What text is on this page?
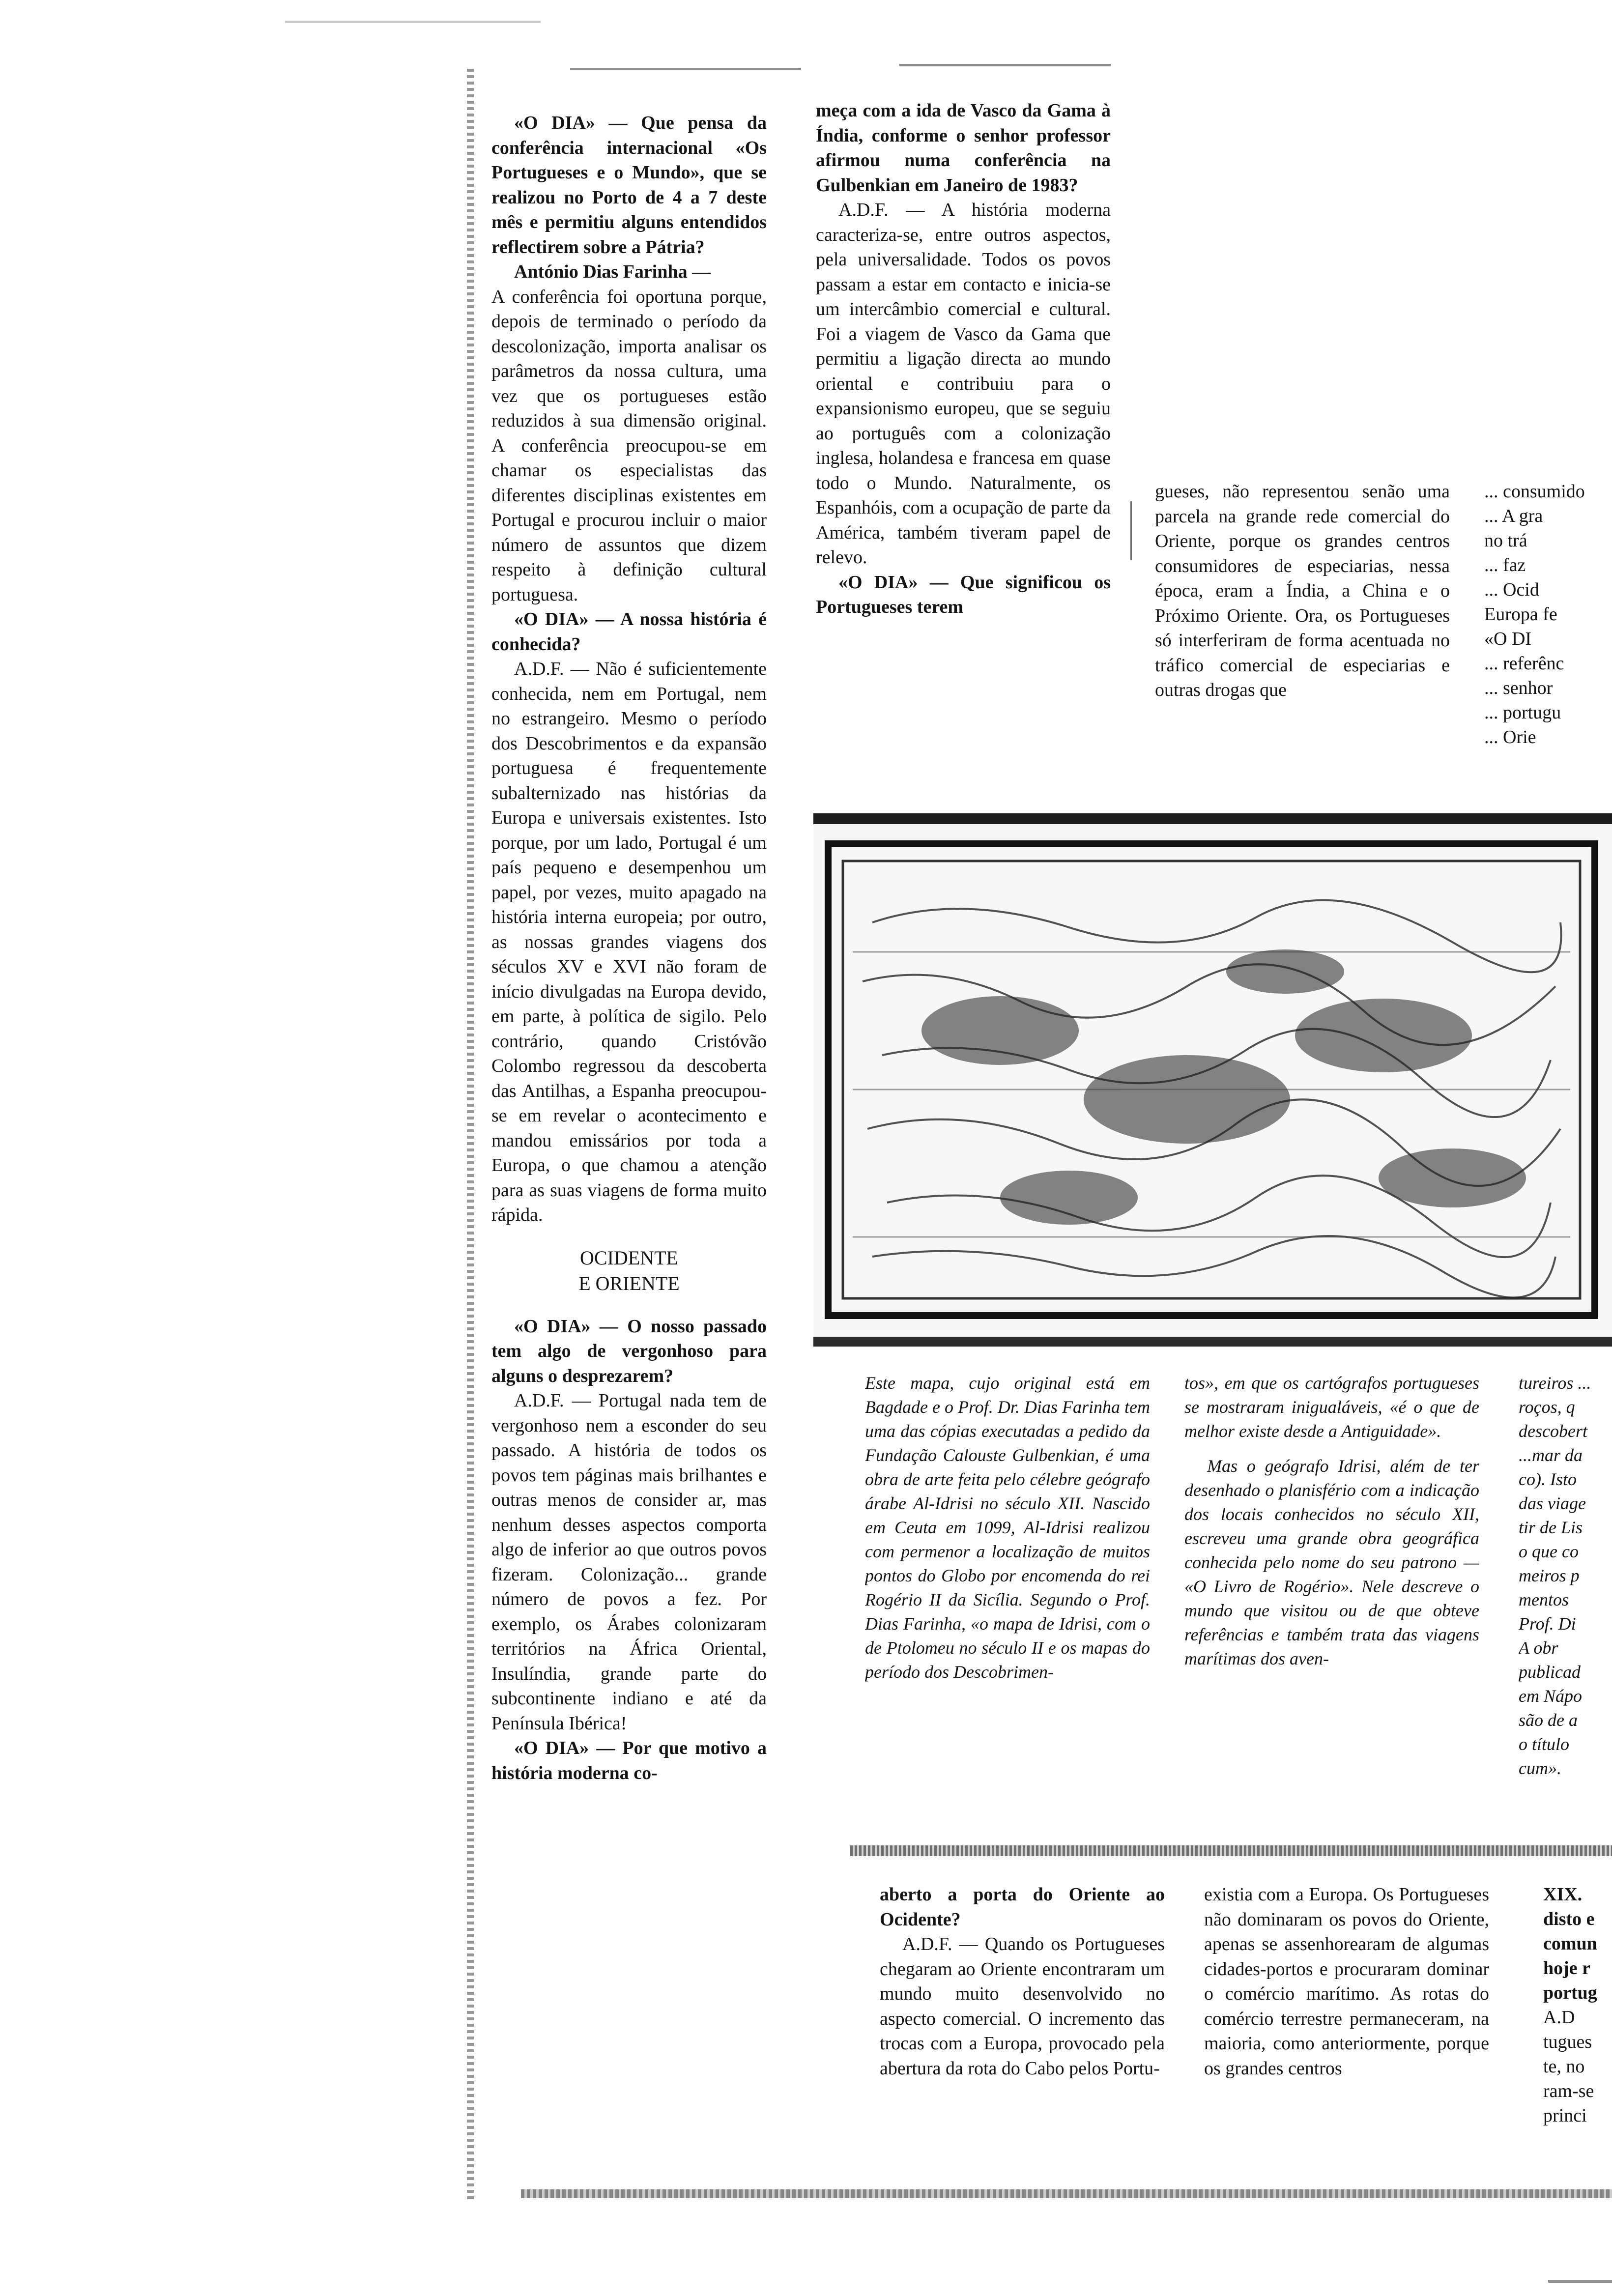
«O DIA» — Que pensa da conferência internacional «Os Portugueses e o Mundo», que se realizou no Porto de 4 a 7 deste mês e permitiu alguns entendidos reflectirem sobre a Pátria?

António Dias Farinha —

A conferência foi oportuna porque, depois de terminado o período da descolonização, importa analisar os parâmetros da nossa cultura, uma vez que os portugueses estão reduzidos à sua dimensão original. A conferência preocupou-se em chamar os especialistas das diferentes disciplinas existentes em Portugal e procurou incluir o maior número de assuntos que dizem respeito à definição cultural portuguesa.

«O DIA» — A nossa história é conhecida?

A.D.F. — Não é suficientemente conhecida, nem em Portugal, nem no estrangeiro. Mesmo o período dos Descobrimentos e da expansão portuguesa é frequentemente subalternizado nas histórias da Europa e universais existentes. Isto porque, por um lado, Portugal é um país pequeno e desempenhou um papel, por vezes, muito apagado na história interna europeia; por outro, as nossas grandes viagens dos séculos XV e XVI não foram de início divulgadas na Europa devido, em parte, à política de sigilo. Pelo contrário, quando Cristóvão Colombo regressou da descoberta das Antilhas, a Espanha preocupou-se em revelar o acontecimento e mandou emissários por toda a Europa, o que chamou a atenção para as suas viagens de forma muito rápida.

OCIDENTE
E ORIENTE

«O DIA» — O nosso passado tem algo de vergonhoso para alguns o desprezarem?

A.D.F. — Portugal nada tem de vergonhoso nem a esconder do seu passado. A história de todos os povos tem páginas mais brilhantes e outras menos de consider ar, mas nenhum desses aspectos comporta algo de inferior ao que outros povos fizeram. Colonização... grande número de povos a fez. Por exemplo, os Árabes colonizaram territórios na África Oriental, Insulíndia, grande parte do subcontinente indiano e até da Península Ibérica!

«O DIA» — Por que motivo a história moderna co-

meça com a ida de Vasco da Gama à Índia, conforme o senhor professor afirmou numa conferência na Gulbenkian em Janeiro de 1983?

A.D.F. — A história moderna caracteriza-se, entre outros aspectos, pela universalidade. Todos os povos passam a estar em contacto e inicia-se um intercâmbio comercial e cultural. Foi a viagem de Vasco da Gama que permitiu a ligação directa ao mundo oriental e contribuiu para o expansionismo europeu, que se seguiu ao português com a colonização inglesa, holandesa e francesa em quase todo o Mundo. Naturalmente, os Espanhóis, com a ocupação de parte da América, também tiveram papel de relevo.

«O DIA» — Que significou os Portugueses terem

gueses, não representou senão uma parcela na grande rede comercial do Oriente, porque os grandes centros consumidores de especiarias, nessa época, eram a Índia, a China e o Próximo Oriente. Ora, os Portugueses só interferiram de forma acentuada no tráfico comercial de especiarias e outras drogas que

... consumido
... A gra
no trá
... faz
... Ocid
Europa fe
«O DI
... referênc
... senhor
... portugu
... Orie

Este mapa, cujo original está em Bagdade e o Prof. Dr. Dias Farinha tem uma das cópias executadas a pedido da Fundação Calouste Gulbenkian, é uma obra de arte feita pelo célebre geógrafo árabe Al-Idrisi no século XII. Nascido em Ceuta em 1099, Al-Idrisi realizou com permenor a localização de muitos pontos do Globo por encomenda do rei Rogério II da Sicília. Segundo o Prof. Dias Farinha, «o mapa de Idrisi, com o de Ptolomeu no século II e os mapas do período dos Descobrimen-

tos», em que os cartógrafos portugueses se mostraram inigualáveis, «é o que de melhor existe desde a Antiguidade».

Mas o geógrafo Idrisi, além de ter desenhado o planisfério com a indicação dos locais conhecidos no século XII, escreveu uma grande obra geográfica conhecida pelo nome do seu patrono — «O Livro de Rogério». Nele descreve o mundo que visitou ou de que obteve referências e também trata das viagens marítimas dos aven-

tureiros ...
roços, q
descobert
...mar da
co). Isto
das viage
tir de Lis
o que co
meiros p
mentos
Prof. Di
A obr
publicad
em Nápo
são de a
o título
cum».

aberto a porta do Oriente ao Ocidente?

A.D.F. — Quando os Portugueses chegaram ao Oriente encontraram um mundo muito desenvolvido no aspecto comercial. O incremento das trocas com a Europa, provocado pela abertura da rota do Cabo pelos Portu-

existia com a Europa. Os Portugueses não dominaram os povos do Oriente, apenas se assenhorearam de algumas cidades-portos e procuraram dominar o comércio marítimo. As rotas do comércio terrestre permaneceram, na maioria, como anteriormente, porque os grandes centros

XIX.
disto e
comun
hoje r
portug
A.D
tugues
te, no
ram-se
princi
